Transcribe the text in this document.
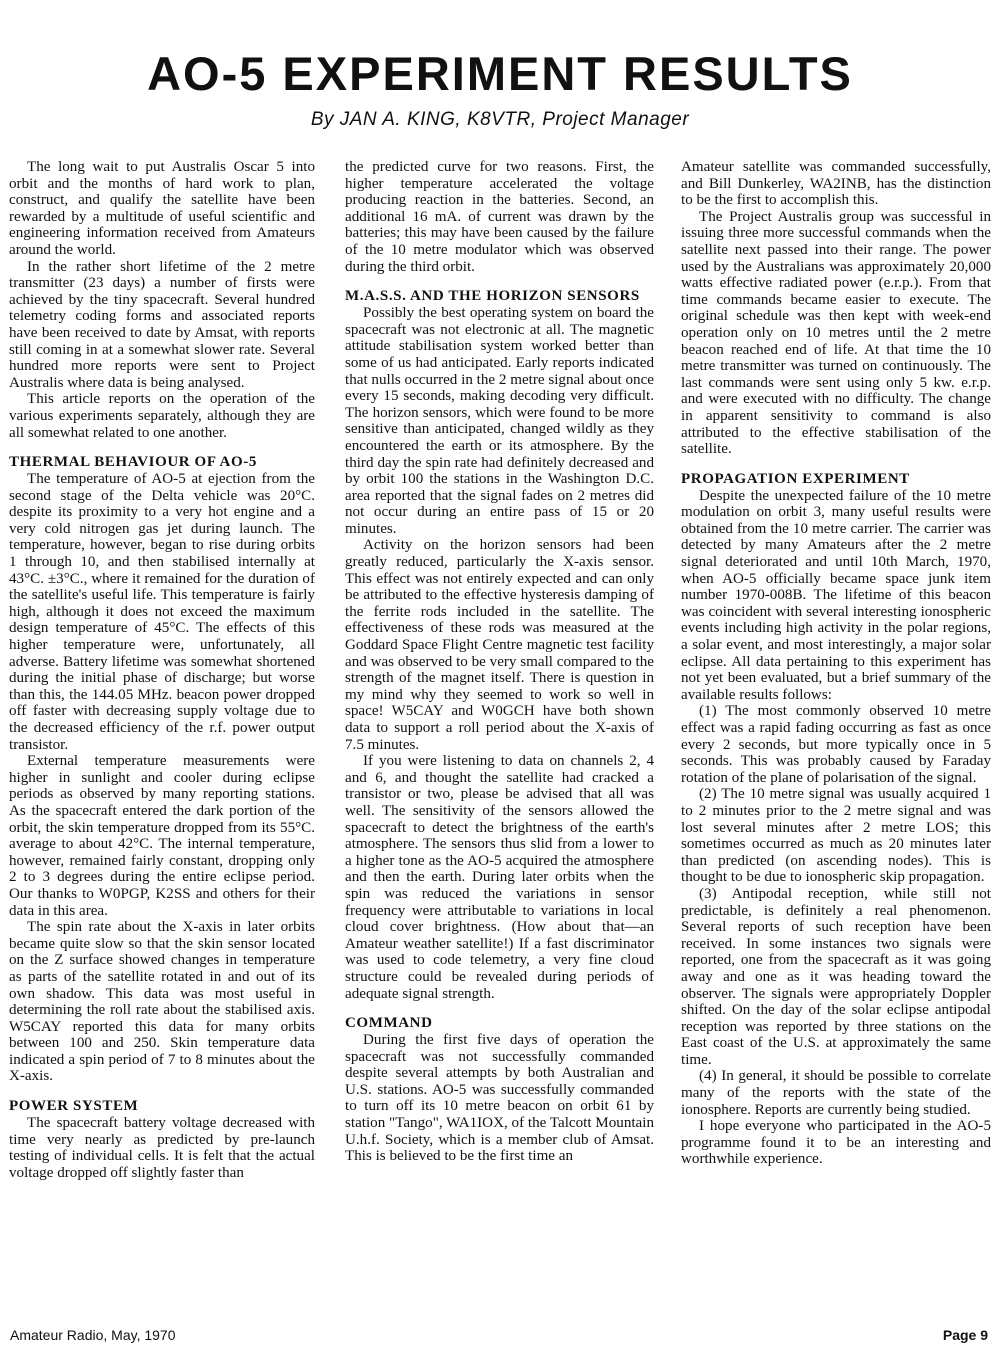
AO-5 EXPERIMENT RESULTS
By JAN A. KING, K8VTR, Project Manager

The long wait to put Australis Oscar 5 into orbit and the months of hard work to plan, construct, and qualify the satellite have been rewarded by a multitude of useful scientific and engineering information received from Amateurs around the world.

In the rather short lifetime of the 2 metre transmitter (23 days) a number of firsts were achieved by the tiny spacecraft. Several hundred telemetry coding forms and associated reports have been received to date by Amsat, with reports still coming in at a somewhat slower rate. Several hundred more reports were sent to Project Australis where data is being analysed.

This article reports on the operation of the various experiments separately, although they are all somewhat related to one another.

THERMAL BEHAVIOUR OF AO-5

The temperature of AO-5 at ejection from the second stage of the Delta vehicle was 20°C. despite its proximity to a very hot engine and a very cold nitrogen gas jet during launch. The temperature, however, began to rise during orbits 1 through 10, and then stabilised internally at 43°C. ±3°C., where it remained for the duration of the satellite's useful life. This temperature is fairly high, although it does not exceed the maximum design temperature of 45°C. The effects of this higher temperature were, unfortunately, all adverse. Battery lifetime was somewhat shortened during the initial phase of discharge; but worse than this, the 144.05 MHz. beacon power dropped off faster with decreasing supply voltage due to the decreased efficiency of the r.f. power output transistor.

External temperature measurements were higher in sunlight and cooler during eclipse periods as observed by many reporting stations. As the spacecraft entered the dark portion of the orbit, the skin temperature dropped from its 55°C. average to about 42°C. The internal temperature, however, remained fairly constant, dropping only 2 to 3 degrees during the entire eclipse period. Our thanks to W0PGP, K2SS and others for their data in this area.

The spin rate about the X-axis in later orbits became quite slow so that the skin sensor located on the Z surface showed changes in temperature as parts of the satellite rotated in and out of its own shadow. This data was most useful in determining the roll rate about the stabilised axis. W5CAY reported this data for many orbits between 100 and 250. Skin temperature data indicated a spin period of 7 to 8 minutes about the X-axis.

POWER SYSTEM

The spacecraft battery voltage decreased with time very nearly as predicted by pre-launch testing of individual cells. It is felt that the actual voltage dropped off slightly faster than

the predicted curve for two reasons. First, the higher temperature accelerated the voltage producing reaction in the batteries. Second, an additional 16 mA. of current was drawn by the batteries; this may have been caused by the failure of the 10 metre modulator which was observed during the third orbit.

M.A.S.S. AND THE HORIZON SENSORS

Possibly the best operating system on board the spacecraft was not electronic at all. The magnetic attitude stabilisation system worked better than some of us had anticipated. Early reports indicated that nulls occurred in the 2 metre signal about once every 15 seconds, making decoding very difficult. The horizon sensors, which were found to be more sensitive than anticipated, changed wildly as they encountered the earth or its atmosphere. By the third day the spin rate had definitely decreased and by orbit 100 the stations in the Washington D.C. area reported that the signal fades on 2 metres did not occur during an entire pass of 15 or 20 minutes.

Activity on the horizon sensors had been greatly reduced, particularly the X-axis sensor. This effect was not entirely expected and can only be attributed to the effective hysteresis damping of the ferrite rods included in the satellite. The effectiveness of these rods was measured at the Goddard Space Flight Centre magnetic test facility and was observed to be very small compared to the strength of the magnet itself. There is question in my mind why they seemed to work so well in space! W5CAY and W0GCH have both shown data to support a roll period about the X-axis of 7.5 minutes.

If you were listening to data on channels 2, 4 and 6, and thought the satellite had cracked a transistor or two, please be advised that all was well. The sensitivity of the sensors allowed the spacecraft to detect the brightness of the earth's atmosphere. The sensors thus slid from a lower to a higher tone as the AO-5 acquired the atmosphere and then the earth. During later orbits when the spin was reduced the variations in sensor frequency were attributable to variations in local cloud cover brightness. (How about that—an Amateur weather satellite!) If a fast discriminator was used to code telemetry, a very fine cloud structure could be revealed during periods of adequate signal strength.

COMMAND

During the first five days of operation the spacecraft was not successfully commanded despite several attempts by both Australian and U.S. stations. AO-5 was successfully commanded to turn off its 10 metre beacon on orbit 61 by station "Tango", WA1IOX, of the Talcott Mountain U.h.f. Society, which is a member club of Amsat. This is believed to be the first time an

Amateur satellite was commanded successfully, and Bill Dunkerley, WA2INB, has the distinction to be the first to accomplish this.

The Project Australis group was successful in issuing three more successful commands when the satellite next passed into their range. The power used by the Australians was approximately 20,000 watts effective radiated power (e.r.p.). From that time commands became easier to execute. The original schedule was then kept with week-end operation only on 10 metres until the 2 metre beacon reached end of life. At that time the 10 metre transmitter was turned on continuously. The last commands were sent using only 5 kw. e.r.p. and were executed with no difficulty. The change in apparent sensitivity to command is also attributed to the effective stabilisation of the satellite.

PROPAGATION EXPERIMENT

Despite the unexpected failure of the 10 metre modulation on orbit 3, many useful results were obtained from the 10 metre carrier. The carrier was detected by many Amateurs after the 2 metre signal deteriorated and until 10th March, 1970, when AO-5 officially became space junk item number 1970-008B. The lifetime of this beacon was coincident with several interesting ionospheric events including high activity in the polar regions, a solar event, and most interestingly, a major solar eclipse. All data pertaining to this experiment has not yet been evaluated, but a brief summary of the available results follows:

(1) The most commonly observed 10 metre effect was a rapid fading occurring as fast as once every 2 seconds, but more typically once in 5 seconds. This was probably caused by Faraday rotation of the plane of polarisation of the signal.

(2) The 10 metre signal was usually acquired 1 to 2 minutes prior to the 2 metre signal and was lost several minutes after 2 metre LOS; this sometimes occurred as much as 20 minutes later than predicted (on ascending nodes). This is thought to be due to ionospheric skip propagation.

(3) Antipodal reception, while still not predictable, is definitely a real phenomenon. Several reports of such reception have been received. In some instances two signals were reported, one from the spacecraft as it was going away and one as it was heading toward the observer. The signals were appropriately Doppler shifted. On the day of the solar eclipse antipodal reception was reported by three stations on the East coast of the U.S. at approximately the same time.

(4) In general, it should be possible to correlate many of the reports with the state of the ionosphere. Reports are currently being studied.

I hope everyone who participated in the AO-5 programme found it to be an interesting and worthwhile experience.

Amateur Radio, May, 1970	Page 9
